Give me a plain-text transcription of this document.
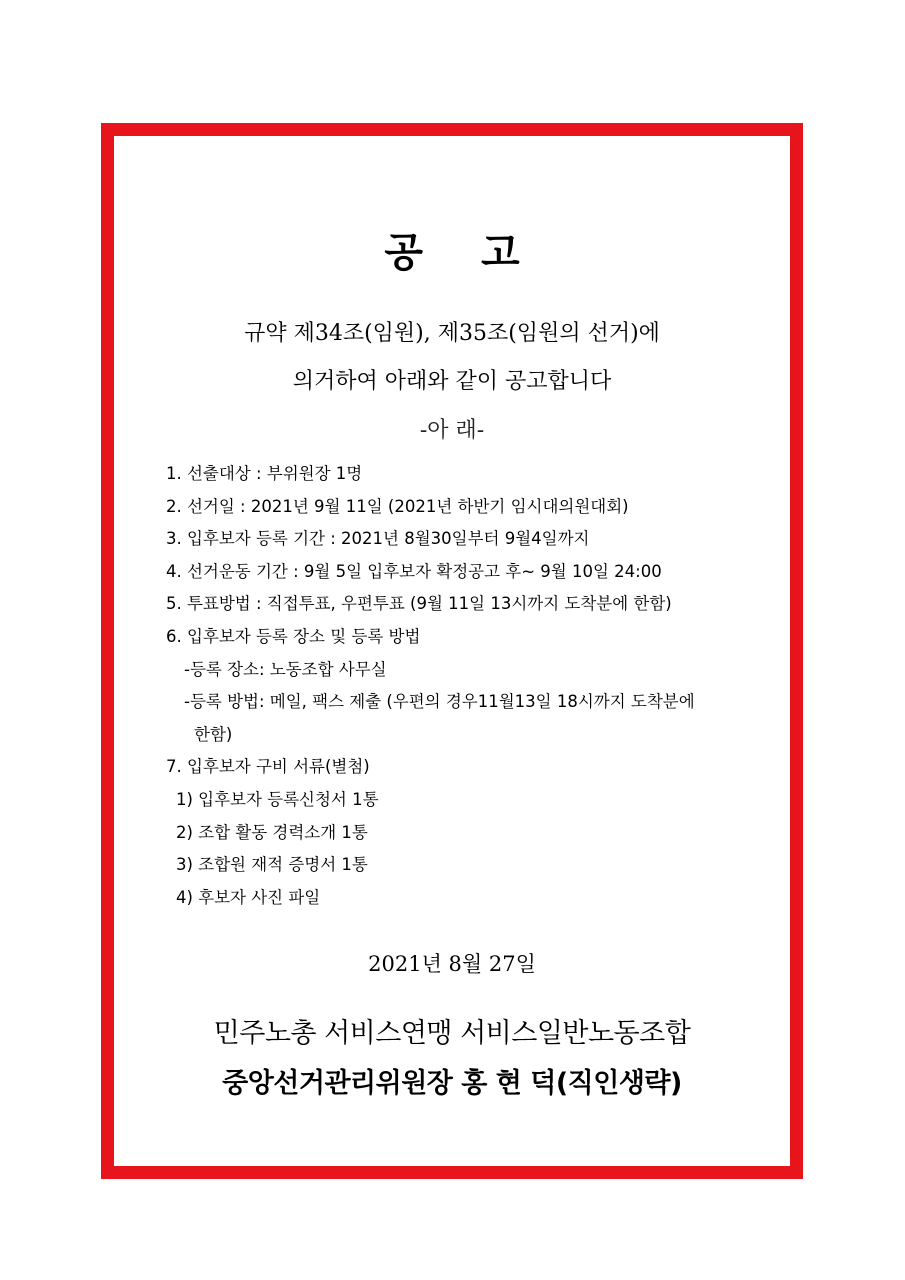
공 고
규약 제34조(임원), 제35조(임원의 선거)에
의거하여 아래와 같이 공고합니다
-아 래-
1. 선출대상 : 부위원장 1명
2. 선거일 : 2021년 9월 11일 (2021년 하반기 임시대의원대회)
3. 입후보자 등록 기간 : 2021년 8월30일부터 9월4일까지
4. 선거운동 기간 : 9월 5일 입후보자 확정공고 후~ 9월 10일 24:00
5. 투표방법 : 직접투표, 우편투표 (9월 11일 13시까지 도착분에 한함)
6. 입후보자 등록 장소 및 등록 방법
-등록 장소: 노동조합 사무실
-등록 방법: 메일, 팩스 제출 (우편의 경우11월13일 18시까지 도착분에
한함)
7. 입후보자 구비 서류(별첨)
1) 입후보자 등록신청서 1통
2) 조합 활동 경력소개 1통
3) 조합원 재적 증명서 1통
4) 후보자 사진 파일
2021년 8월 27일
민주노총 서비스연맹 서비스일반노동조합
중앙선거관리위원장 홍 현 덕(직인생략)
